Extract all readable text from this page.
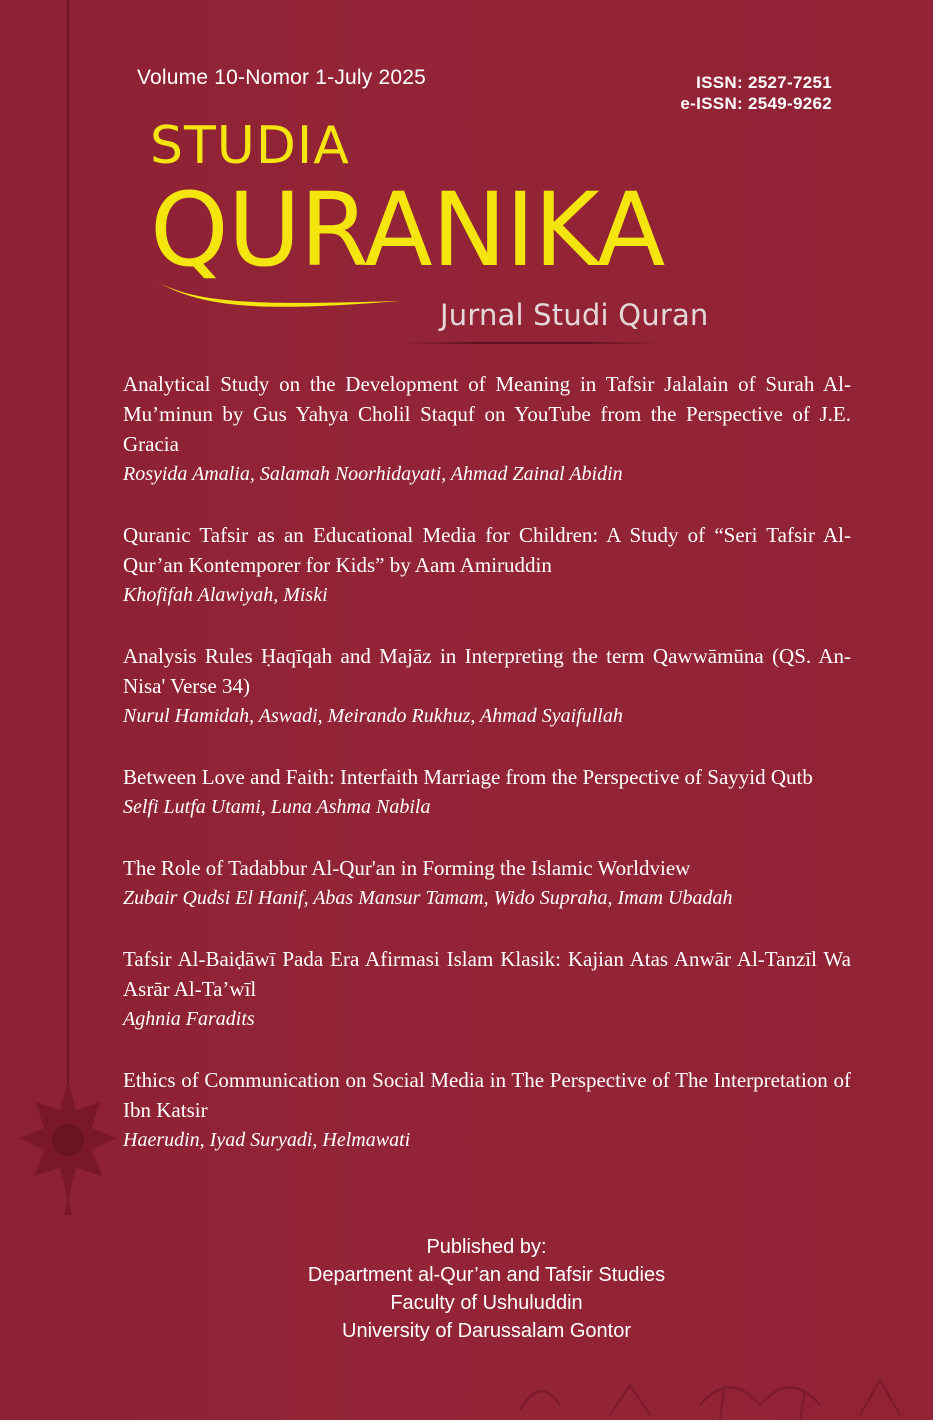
Volume 10-Nomor 1-July 2025	ISSN: 2527-7251
e-ISSN: 2549-9262
STUDIA
QURANIKA
Jurnal Studi Quran

Analytical Study on the Development of Meaning in Tafsir Jalalain of Surah Al-Mu’minun by Gus Yahya Cholil Staquf on YouTube from the Perspective of J.E. Gracia

Rosyida Amalia, Salamah Noorhidayati, Ahmad Zainal Abidin

Quranic Tafsir as an Educational Media for Children: A Study of “Seri Tafsir Al-Qur’an Kontemporer for Kids” by Aam Amiruddin

Khofifah Alawiyah, Miski

Analysis Rules Ḥaqīqah and Majāz in Interpreting the term Qawwāmūna (QS. An-Nisa' Verse 34)

Nurul Hamidah, Aswadi, Meirando Rukhuz, Ahmad Syaifullah

Between Love and Faith: Interfaith Marriage from the Perspective of Sayyid Qutb

Selfi Lutfa Utami, Luna Ashma Nabila

The Role of Tadabbur Al-Qur'an in Forming the Islamic Worldview

Zubair Qudsi El Hanif, Abas Mansur Tamam, Wido Supraha, Imam Ubadah

Tafsir Al-Baiḍāwī Pada Era Afirmasi Islam Klasik: Kajian Atas Anwār Al-Tanzīl Wa Asrār Al-Ta’wīl

Aghnia Faradits

Ethics of Communication on Social Media in The Perspective of The Interpretation of Ibn Katsir

Haerudin, Iyad Suryadi, Helmawati

Published by:
Department al-Qur’an and Tafsir Studies
Faculty of Ushuluddin
University of Darussalam Gontor
